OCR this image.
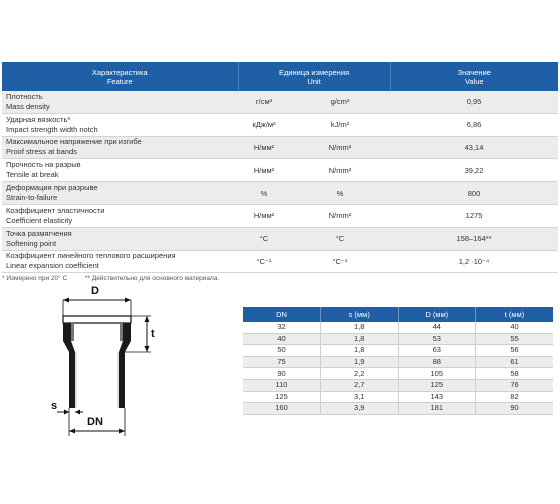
Характеристика
Feature	Единица измерения
Unit		Значение
Value
Плотность
Mass density	г/см³	g/cm³	0,95
Ударная вязкость*
Impact strength width notch	кДж/м²	kJ/m²	6,86
Максимальное напряжение при изгибе
Proof stress at bands	Н/мм²	N/mm²	43,14
Прочность на разрыв
Tensile at break	Н/мм²	N/mm²	39,22
Деформация при разрыве
Strain-to-failure	%	%	800
Коэффициент эластичности
Coefficient elasticity	Н/мм²	N/mm²	1275
Точка размягчения
Softening point	°С	°C	158–164**
Коэффициент линейного теплового расширения
Linear expansion coefficient	°С⁻¹	°C⁻¹	1,2 ·10⁻⁴
* Измерено при 20° С	** Действительно для основного материала.
D
t
s
DN
DN	s (мм)	D (мм)	t (мм)
32	1,8	44	40
40	1,8	53	55
50	1,8	63	56
75	1,9	88	61
90	2,2	105	58
110	2,7	125	76
125	3,1	143	82
160	3,9	181	90
